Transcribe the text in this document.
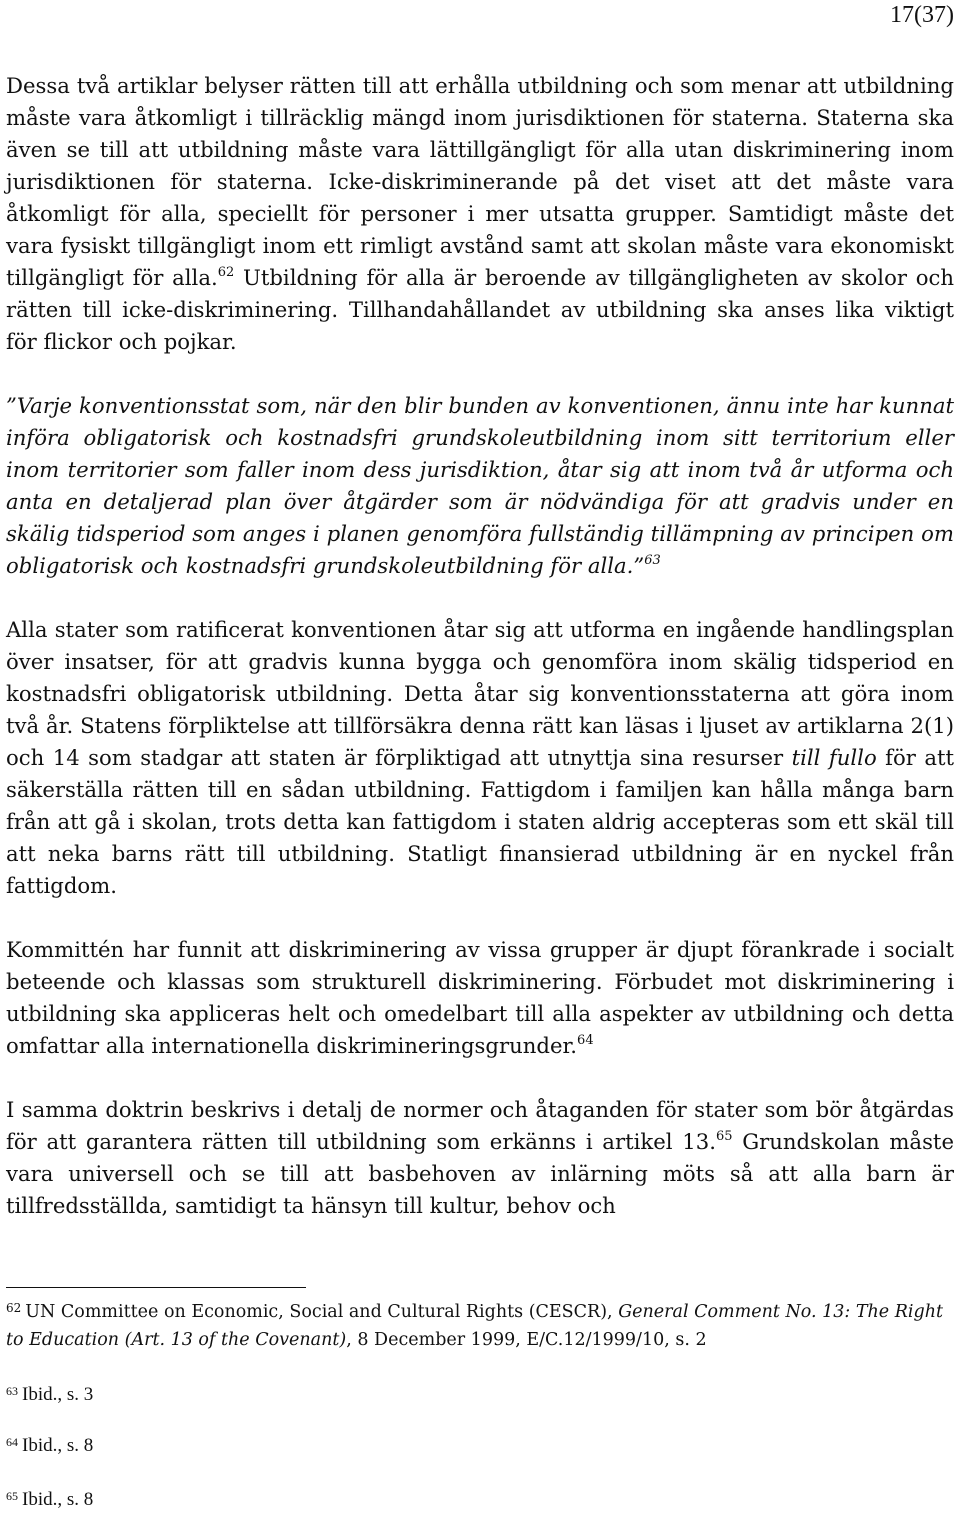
17(37)

Dessa två artiklar belyser rätten till att erhålla utbildning och som menar att utbildning måste vara åtkomligt i tillräcklig mängd inom jurisdiktionen för staterna. Staterna ska även se till att utbildning måste vara lättillgängligt för alla utan diskriminering inom jurisdiktionen för staterna. Icke-diskriminerande på det viset att det måste vara åtkomligt för alla, speciellt för personer i mer utsatta grupper. Samtidigt måste det vara fysiskt tillgängligt inom ett rimligt avstånd samt att skolan måste vara ekonomiskt tillgängligt för alla.$^{62}$ Utbildning för alla är beroende av tillgängligheten av skolor och rätten till icke-diskriminering. Tillhandahållandet av utbildning ska anses lika viktigt för flickor och pojkar.

”Varje konventionsstat som, när den blir bunden av konventionen, ännu inte har kunnat införa obligatorisk och kostnadsfri grundskoleutbildning inom sitt territorium eller inom territorier som faller inom dess jurisdiktion, åtar sig att inom två år utforma och anta en detaljerad plan över åtgärder som är nödvändiga för att gradvis under en skälig tidsperiod som anges i planen genomföra fullständig tillämpning av principen om obligatorisk och kostnadsfri grundskoleutbildning för alla.”$^{63}$

Alla stater som ratificerat konventionen åtar sig att utforma en ingående handlingsplan över insatser, för att gradvis kunna bygga och genomföra inom skälig tidsperiod en kostnadsfri obligatorisk utbildning. Detta åtar sig konventionsstaterna att göra inom två år. Statens förpliktelse att tillförsäkra denna rätt kan läsas i ljuset av artiklarna 2(1) och 14 som stadgar att staten är förpliktigad att utnyttja sina resurser till fullo för att säkerställa rätten till en sådan utbildning. Fattigdom i familjen kan hålla många barn från att gå i skolan, trots detta kan fattigdom i staten aldrig accepteras som ett skäl till att neka barns rätt till utbildning. Statligt finansierad utbildning är en nyckel från fattigdom.

Kommittén har funnit att diskriminering av vissa grupper är djupt förankrade i socialt beteende och klassas som strukturell diskriminering. Förbudet mot diskriminering i utbildning ska appliceras helt och omedelbart till alla aspekter av utbildning och detta omfattar alla internationella diskrimineringsgrunder.$^{64}$

I samma doktrin beskrivs i detalj de normer och åtaganden för stater som bör åtgärdas för att garantera rätten till utbildning som erkänns i artikel 13.65 Grundskolan måste vara universell och se till att basbehoven av inlärning möts så att alla barn är tillfredsställda, samtidigt ta hänsyn till kultur, behov och

$^{62}$ UN Committee on Economic, Social and Cultural Rights (CESCR), General Comment No. 13: The Right to Education (Art. 13 of the Covenant), 8 December 1999, E/C.12/1999/10, s. 2

$^{63}$ Ibid., s. 3

$^{64}$ Ibid., s. 8

$^{65}$ Ibid., s. 8
